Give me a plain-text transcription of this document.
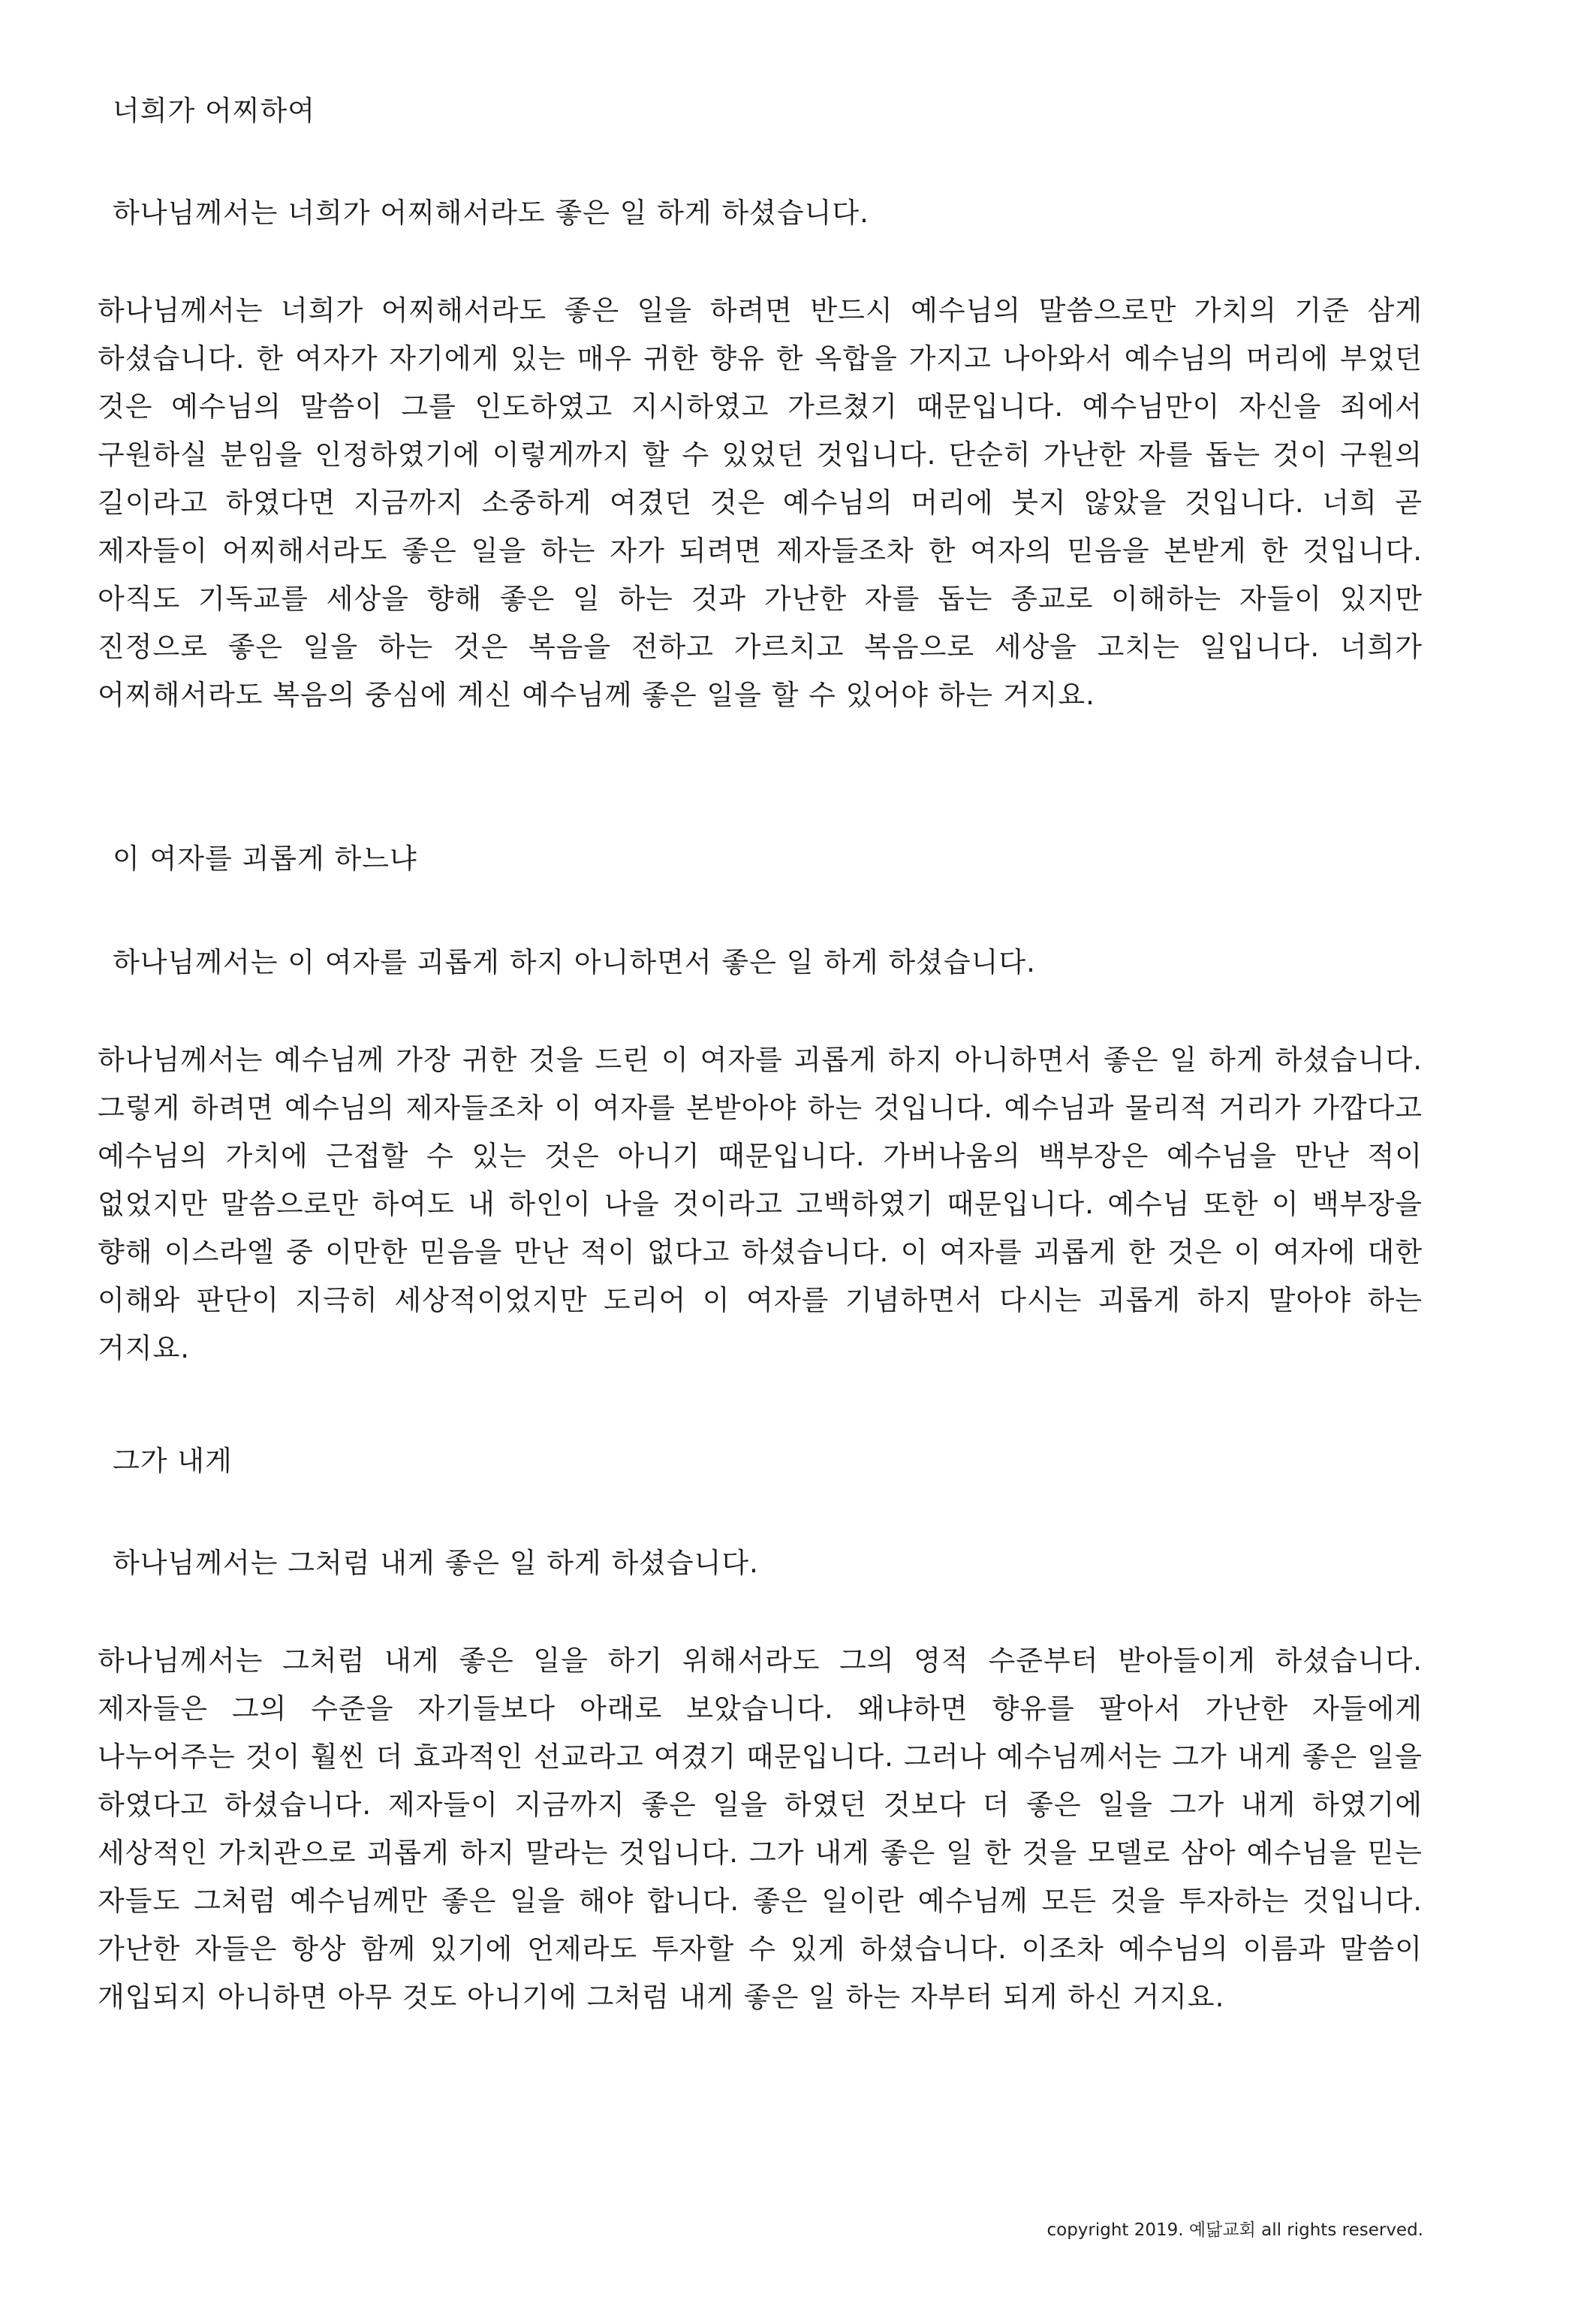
너희가 어찌하여
하나님께서는 너희가 어찌해서라도 좋은 일 하게 하셨습니다.

하나님께서는 너희가 어찌해서라도 좋은 일을 하려면 반드시 예수님의 말씀으로만 가치의 기준 삼게 하셨습니다. 한 여자가 자기에게 있는 매우 귀한 향유 한 옥합을 가지고 나아와서 예수님의 머리에 부었던 것은 예수님의 말씀이 그를 인도하였고 지시하였고 가르쳤기 때문입니다. 예수님만이 자신을 죄에서 구원하실 분임을 인정하였기에 이렇게까지 할 수 있었던 것입니다. 단순히 가난한 자를 돕는 것이 구원의 길이라고 하였다면 지금까지 소중하게 여겼던 것은 예수님의 머리에 붓지 않았을 것입니다. 너희 곧 제자들이 어찌해서라도 좋은 일을 하는 자가 되려면 제자들조차 한 여자의 믿음을 본받게 한 것입니다. 아직도 기독교를 세상을 향해 좋은 일 하는 것과 가난한 자를 돕는 종교로 이해하는 자들이 있지만 진정으로 좋은 일을 하는 것은 복음을 전하고 가르치고 복음으로 세상을 고치는 일입니다. 너희가 어찌해서라도 복음의 중심에 계신 예수님께 좋은 일을 할 수 있어야 하는 거지요.

이 여자를 괴롭게 하느냐
하나님께서는 이 여자를 괴롭게 하지 아니하면서 좋은 일 하게 하셨습니다.

하나님께서는 예수님께 가장 귀한 것을 드린 이 여자를 괴롭게 하지 아니하면서 좋은 일 하게 하셨습니다. 그렇게 하려면 예수님의 제자들조차 이 여자를 본받아야 하는 것입니다. 예수님과 물리적 거리가 가깝다고 예수님의 가치에 근접할 수 있는 것은 아니기 때문입니다. 가버나움의 백부장은 예수님을 만난 적이 없었지만 말씀으로만 하여도 내 하인이 나을 것이라고 고백하였기 때문입니다. 예수님 또한 이 백부장을 향해 이스라엘 중 이만한 믿음을 만난 적이 없다고 하셨습니다. 이 여자를 괴롭게 한 것은 이 여자에 대한 이해와 판단이 지극히 세상적이었지만 도리어 이 여자를 기념하면서 다시는 괴롭게 하지 말아야 하는 거지요.

그가 내게
하나님께서는 그처럼 내게 좋은 일 하게 하셨습니다.

하나님께서는 그처럼 내게 좋은 일을 하기 위해서라도 그의 영적 수준부터 받아들이게 하셨습니다. 제자들은 그의 수준을 자기들보다 아래로 보았습니다. 왜냐하면 향유를 팔아서 가난한 자들에게 나누어주는 것이 훨씬 더 효과적인 선교라고 여겼기 때문입니다. 그러나 예수님께서는 그가 내게 좋은 일을 하였다고 하셨습니다. 제자들이 지금까지 좋은 일을 하였던 것보다 더 좋은 일을 그가 내게 하였기에 세상적인 가치관으로 괴롭게 하지 말라는 것입니다. 그가 내게 좋은 일 한 것을 모델로 삼아 예수님을 믿는 자들도 그처럼 예수님께만 좋은 일을 해야 합니다. 좋은 일이란 예수님께 모든 것을 투자하는 것입니다. 가난한 자들은 항상 함께 있기에 언제라도 투자할 수 있게 하셨습니다. 이조차 예수님의 이름과 말씀이 개입되지 아니하면 아무 것도 아니기에 그처럼 내게 좋은 일 하는 자부터 되게 하신 거지요.

copyright 2019. 예닮교회 all rights reserved.
